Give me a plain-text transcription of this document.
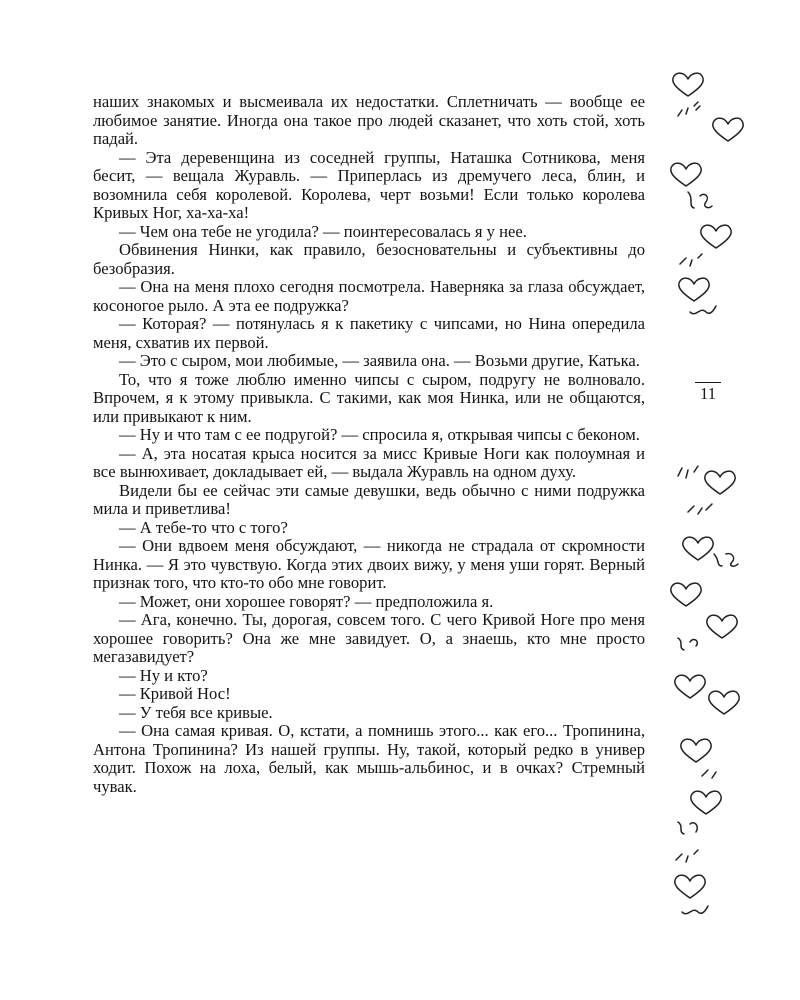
наших знакомых и высмеивала их недостатки. Сплетничать — вообще ее любимое занятие. Иногда она такое про людей сказанет, что хоть стой, хоть падай.

— Эта деревенщина из соседней группы, Наташка Сотникова, меня бесит, — вещала Журавль. — Приперлась из дремучего леса, блин, и возомнила себя королевой. Королева, черт возьми! Если только королева Кривых Ног, ха-ха-ха!

— Чем она тебе не угодила? — поинтересовалась я у нее.

Обвинения Нинки, как правило, безосновательны и субъективны до безобразия.

— Она на меня плохо сегодня посмотрела. Наверняка за глаза обсуждает, косоногое рыло. А эта ее подружка?

— Которая? — потянулась я к пакетику с чипсами, но Нина опередила меня, схватив их первой.

— Это с сыром, мои любимые, — заявила она. — Возьми другие, Катька.

То, что я тоже люблю именно чипсы с сыром, подругу не волновало. Впрочем, я к этому привыкла. С такими, как моя Нинка, или не общаются, или привыкают к ним.

— Ну и что там с ее подругой? — спросила я, открывая чипсы с беконом.

— А, эта носатая крыса носится за мисс Кривые Ноги как полоумная и все вынюхивает, докладывает ей, — выдала Журавль на одном духу.

Видели бы ее сейчас эти самые девушки, ведь обычно с ними подружка мила и приветлива!

— А тебе-то что с того?

— Они вдвоем меня обсуждают, — никогда не страдала от скромности Нинка. — Я это чувствую. Когда этих двоих вижу, у меня уши горят. Верный признак того, что кто-то обо мне говорит.

— Может, они хорошее говорят? — предположила я.

— Ага, конечно. Ты, дорогая, совсем того. С чего Кривой Ноге про меня хорошее говорить? Она же мне завидует. О, а знаешь, кто мне просто мегазавидует?

— Ну и кто?

— Кривой Нос!

— У тебя все кривые.

— Она самая кривая. О, кстати, а помнишь этого... как его... Тропинина, Антона Тропинина? Из нашей группы. Ну, такой, который редко в универ ходит. Похож на лоха, белый, как мышь-альбинос, и в очках? Стремный чувак.

11
